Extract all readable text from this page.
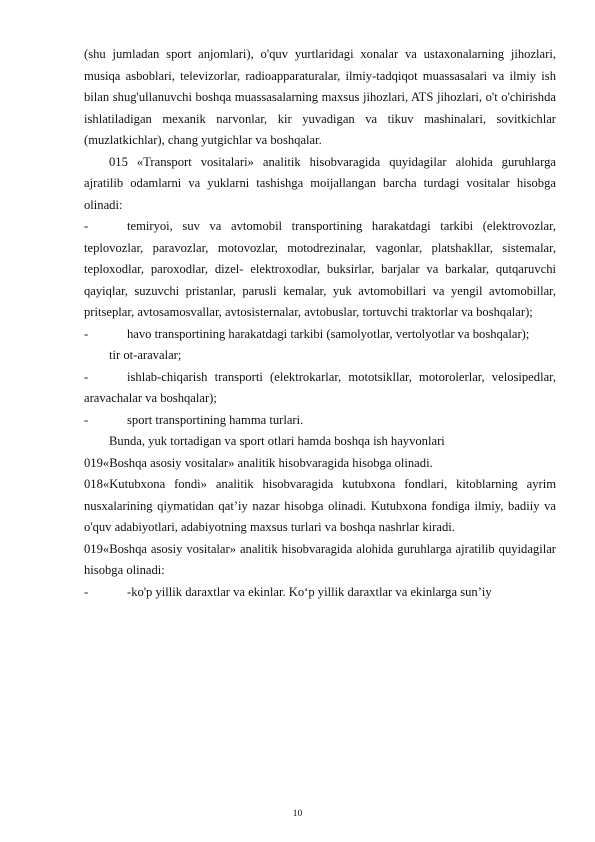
(shu jumladan sport anjomlari), o'quv yurtlaridagi xonalar va ustaxonalarning jihozlari, musiqa asboblari, televizorlar, radioapparaturalar, ilmiy-tadqiqot muassasalari va ilmiy ish bilan shug'ullanuvchi boshqa muassasalarning maxsus jihozlari, ATS jihozlari, o't o'chirishda ishlatiladigan mexanik narvonlar, kir yuvadigan va tikuv mashinalari, sovitkichlar (muzlatkichlar), chang yutgichlar va boshqalar.

015 «Transport vositalari» analitik hisobvaragida quyidagilar alohida guruhlarga ajratilib odamlarni va yuklarni tashishga moijallangan barcha turdagi vositalar hisobga olinadi:

-	temiryoi, suv va avtomobil transportining harakatdagi tarkibi (elektrovozlar, teplovozlar, paravozlar, motovozlar, motodrezinalar, vagonlar, platshakllar, sistemalar, teploxodlar, paroxodlar, dizel- elektroxodlar, buksirlar, barjalar va barkalar, qutqaruvchi qayiqlar, suzuvchi pristanlar, parusli kemalar, yuk avtomobillari va yengil avtomobillar, pritseplar, avtosamosvallar, avtosisternalar, avtobuslar, tortuvchi traktorlar va boshqalar);
-	havo transportining harakatdagi tarkibi (samolyotlar, vertolyotlar va boshqalar);

tir ot-aravalar;

-	ishlab-chiqarish transporti (elektrokarlar, mototsikllar, motorolerlar, velosipedlar, aravachalar va boshqalar);
-	sport transportining hamma turlari.

Bunda, yuk tortadigan va sport otlari hamda boshqa ish hayvonlari

019«Boshqa asosiy vositalar» analitik hisobvaragida hisobga olinadi.

018«Kutubxona fondi» analitik hisobvaragida kutubxona fondlari, kitoblarning ayrim nusxalarining qiymatidan qat’iy nazar hisobga olinadi. Kutubxona fondiga ilmiy, badiiy va o'quv adabiyotlari, adabiyotning maxsus turlari va boshqa nashrlar kiradi.

019«Boshqa asosiy vositalar» analitik hisobvaragida alohida guruhlarga ajratilib quyidagilar hisobga olinadi:

-	-ko'p yillik daraxtlar va ekinlar. Ko‘p yillik daraxtlar va ekinlarga sun’iy
10
